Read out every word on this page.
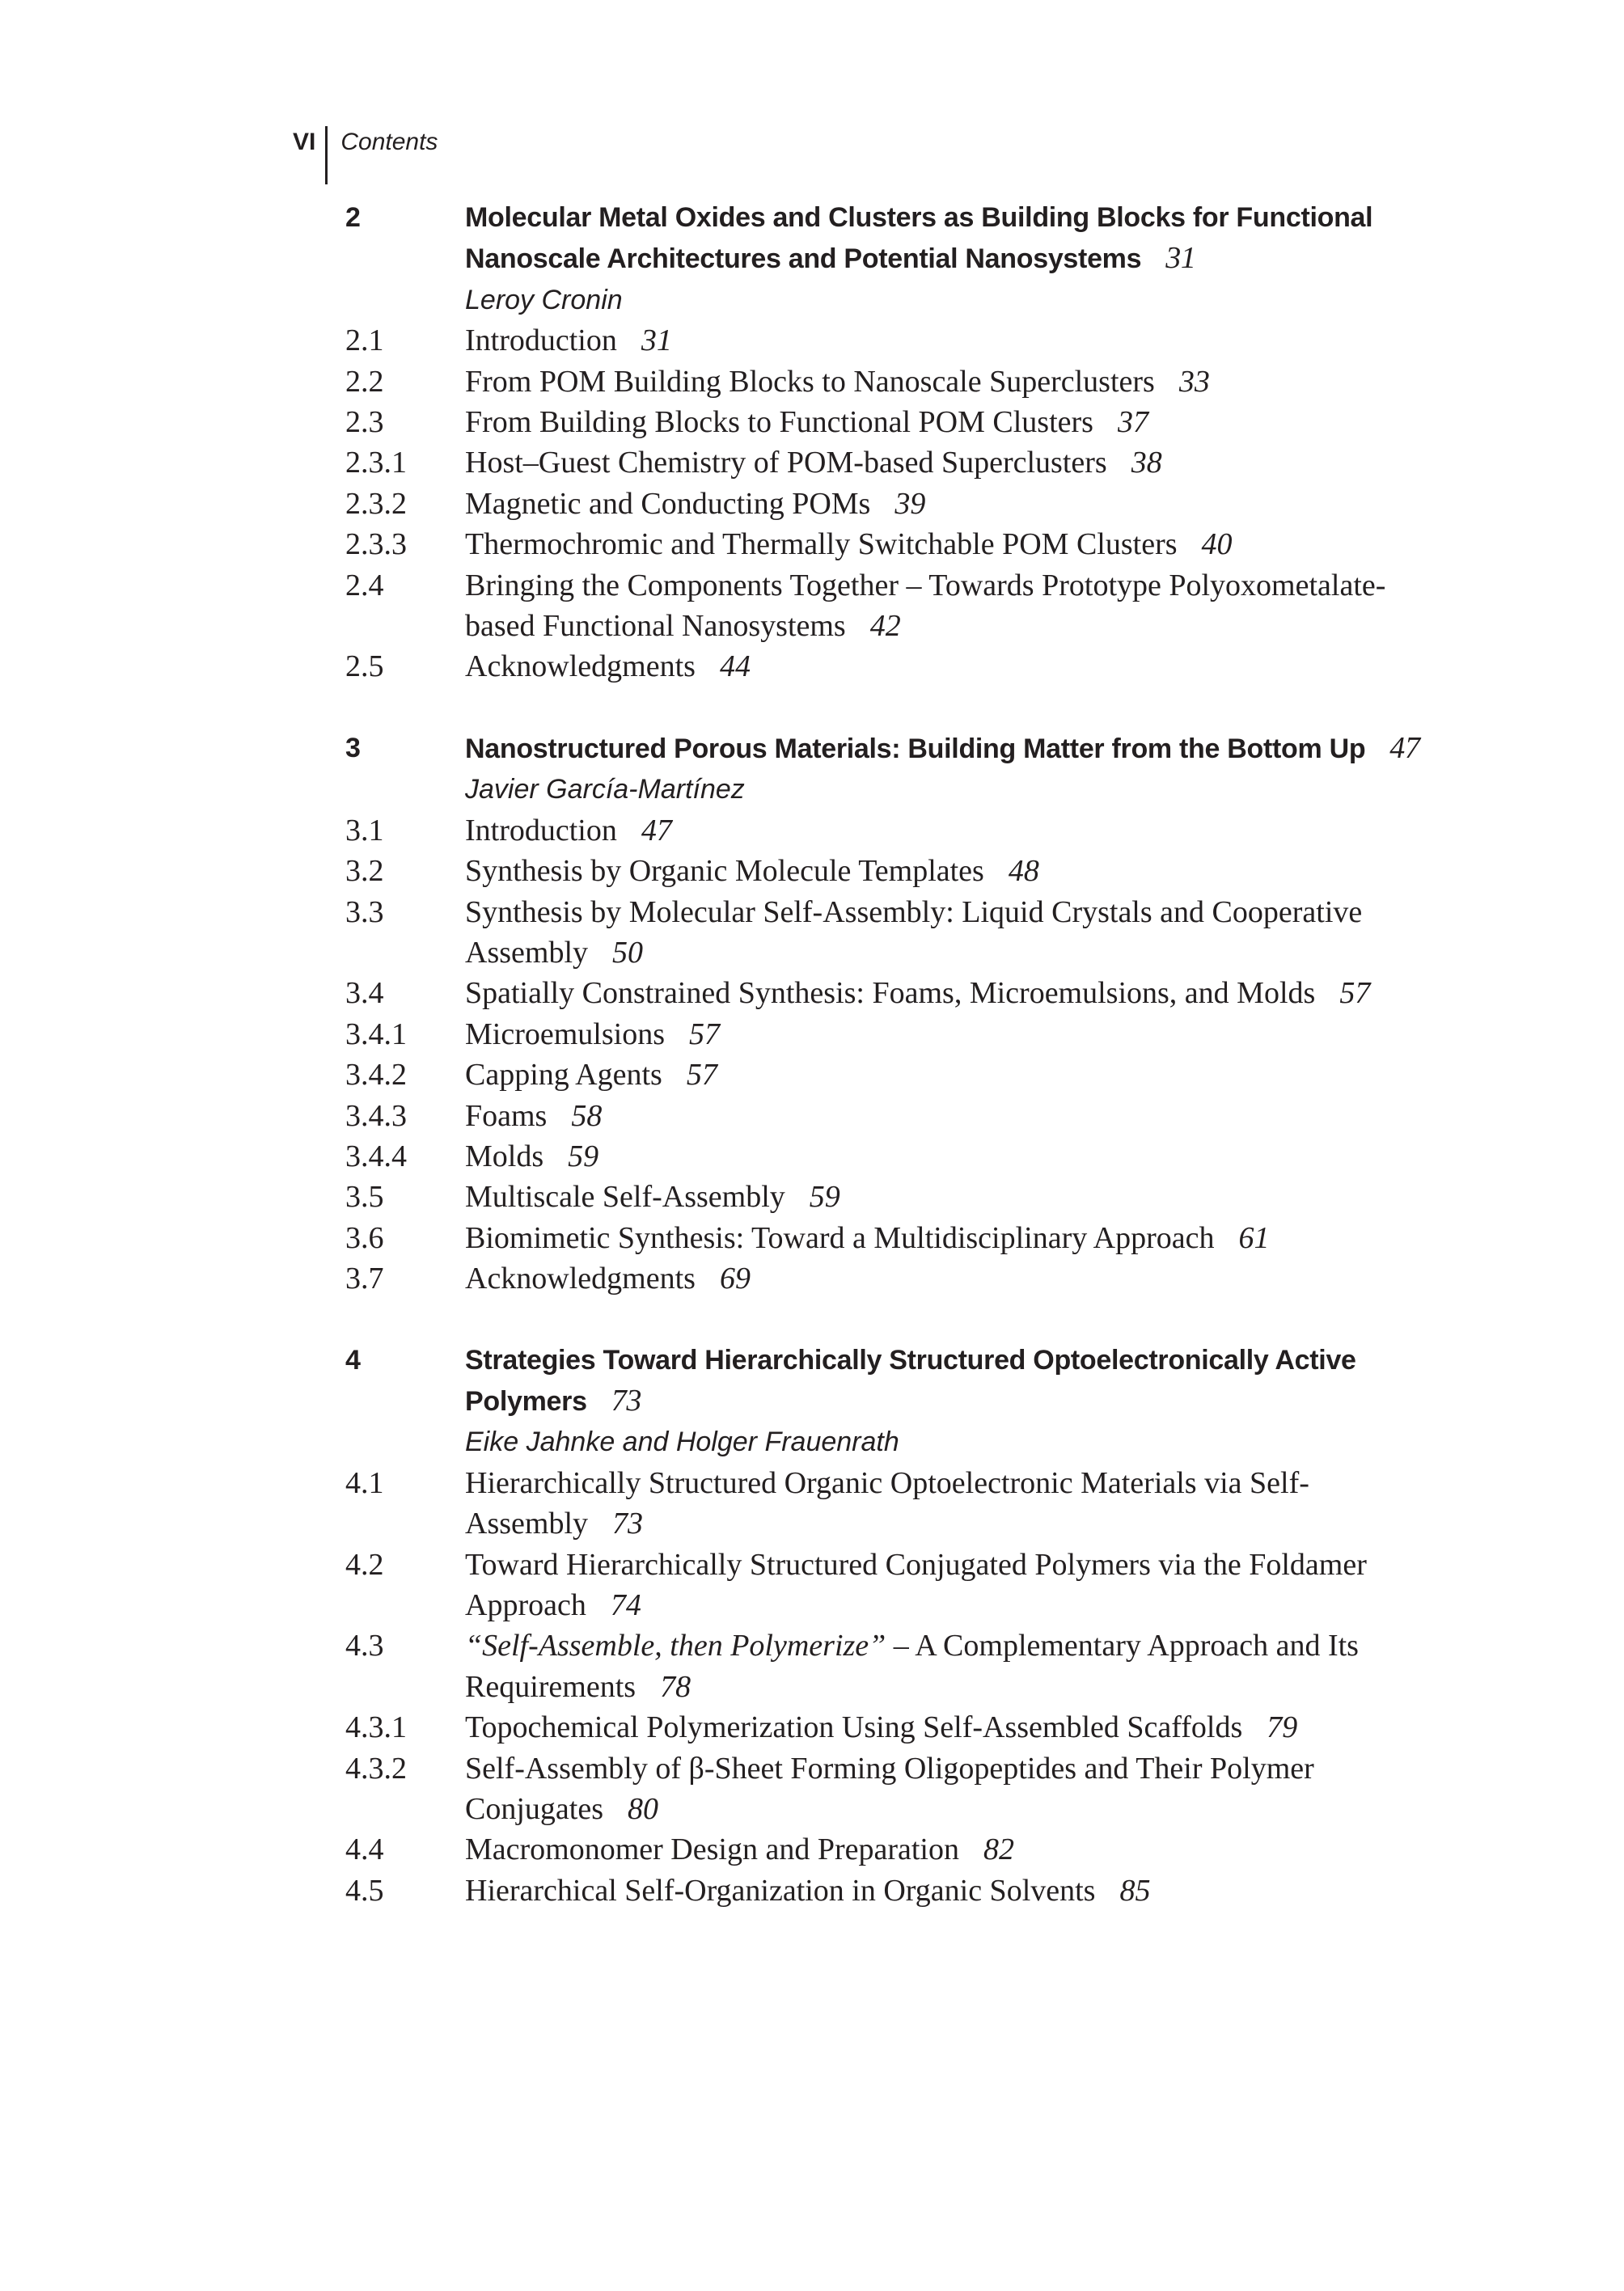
VI	Contents
2	Molecular Metal Oxides and Clusters as Building Blocks for Functional Nanoscale Architectures and Potential Nanosystems 31
Leroy Cronin
2.1	Introduction 31
2.2	From POM Building Blocks to Nanoscale Superclusters 33
2.3	From Building Blocks to Functional POM Clusters 37
2.3.1	Host–Guest Chemistry of POM-based Superclusters 38
2.3.2	Magnetic and Conducting POMs 39
2.3.3	Thermochromic and Thermally Switchable POM Clusters 40
2.4	Bringing the Components Together – Towards Prototype Polyoxometalate-based Functional Nanosystems 42
2.5	Acknowledgments 44
3	Nanostructured Porous Materials: Building Matter from the Bottom Up 47
Javier García-Martínez
3.1	Introduction 47
3.2	Synthesis by Organic Molecule Templates 48
3.3	Synthesis by Molecular Self-Assembly: Liquid Crystals and Cooperative Assembly 50
3.4	Spatially Constrained Synthesis: Foams, Microemulsions, and Molds 57
3.4.1	Microemulsions 57
3.4.2	Capping Agents 57
3.4.3	Foams 58
3.4.4	Molds 59
3.5	Multiscale Self-Assembly 59
3.6	Biomimetic Synthesis: Toward a Multidisciplinary Approach 61
3.7	Acknowledgments 69
4	Strategies Toward Hierarchically Structured Optoelectronically Active Polymers 73
Eike Jahnke and Holger Frauenrath
4.1	Hierarchically Structured Organic Optoelectronic Materials via Self-Assembly 73
4.2	Toward Hierarchically Structured Conjugated Polymers via the Foldamer Approach 74
4.3	“Self-Assemble, then Polymerize” – A Complementary Approach and Its Requirements 78
4.3.1	Topochemical Polymerization Using Self-Assembled Scaffolds 79
4.3.2	Self-Assembly of β-Sheet Forming Oligopeptides and Their Polymer Conjugates 80
4.4	Macromonomer Design and Preparation 82
4.5	Hierarchical Self-Organization in Organic Solvents 85
